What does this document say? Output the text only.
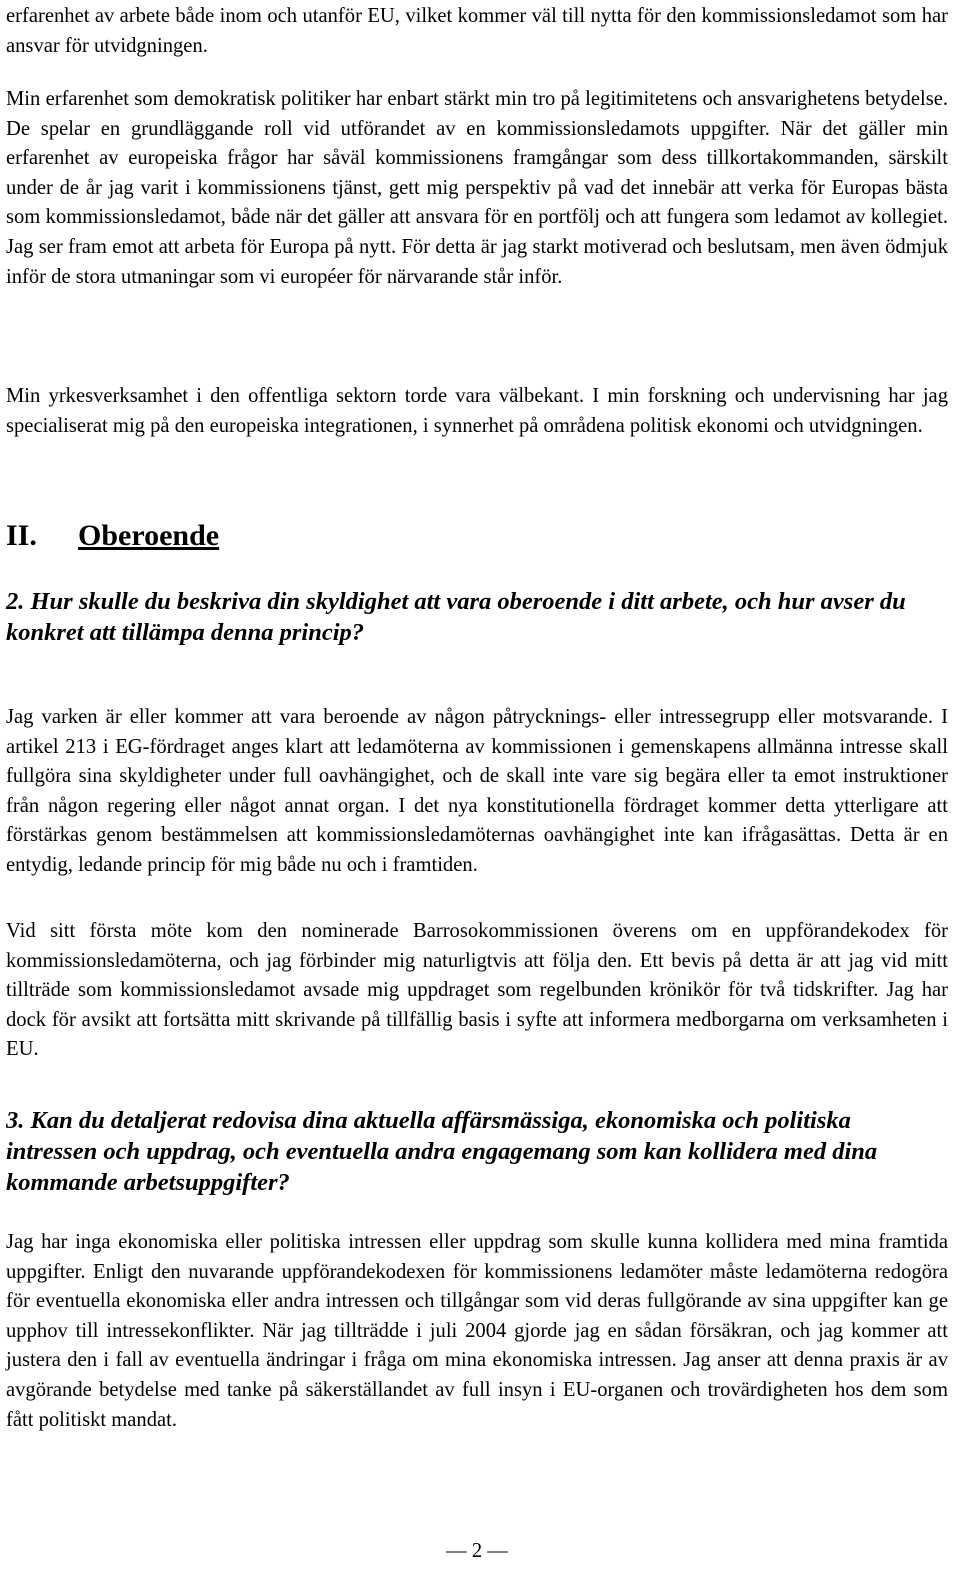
erfarenhet av arbete både inom och utanför EU, vilket kommer väl till nytta för den kommissionsledamot som har ansvar för utvidgningen.

Min erfarenhet som demokratisk politiker har enbart stärkt min tro på legitimitetens och ansvarighetens betydelse. De spelar en grundläggande roll vid utförandet av en kommissionsledamots uppgifter. När det gäller min erfarenhet av europeiska frågor har såväl kommissionens framgångar som dess tillkortakommanden, särskilt under de år jag varit i kommissionens tjänst, gett mig perspektiv på vad det innebär att verka för Europas bästa som kommissionsledamot, både när det gäller att ansvara för en portfölj och att fungera som ledamot av kollegiet. Jag ser fram emot att arbeta för Europa på nytt. För detta är jag starkt motiverad och beslutsam, men även ödmjuk inför de stora utmaningar som vi européer för närvarande står inför.

II. Oberoende
2. Hur skulle du beskriva din skyldighet att vara oberoende i ditt arbete, och hur avser du konkret att tillämpa denna princip?

Jag varken är eller kommer att vara beroende av någon påtrycknings- eller intressegrupp eller motsvarande. I artikel 213 i EG-fördraget anges klart att ledamöterna av kommissionen i gemenskapens allmänna intresse skall fullgöra sina skyldigheter under full oavhängighet, och de skall inte vare sig begära eller ta emot instruktioner från någon regering eller något annat organ. I det nya konstitutionella fördraget kommer detta ytterligare att förstärkas genom bestämmelsen att kommissionsledamöternas oavhängighet inte kan ifrågasättas. Detta är en entydig, ledande princip för mig både nu och i framtiden.

Vid sitt första möte kom den nominerade Barrosokommissionen överens om en uppförandekodex för kommissionsledamöterna, och jag förbinder mig naturligtvis att följa den. Ett bevis på detta är att jag vid mitt tillträde som kommissionsledamot avsade mig uppdraget som regelbunden krönikör för två tidskrifter. Jag har dock för avsikt att fortsätta mitt skrivande på tillfällig basis i syfte att informera medborgarna om verksamheten i EU.

3. Kan du detaljerat redovisa dina aktuella affärsmässiga, ekonomiska och politiska intressen och uppdrag, och eventuella andra engagemang som kan kollidera med dina kommande arbetsuppgifter?

Jag har inga ekonomiska eller politiska intressen eller uppdrag som skulle kunna kollidera med mina framtida uppgifter. Enligt den nuvarande uppförandekodexen för kommissionens ledamöter måste ledamöterna redogöra för eventuella ekonomiska eller andra intressen och tillgångar som vid deras fullgörande av sina uppgifter kan ge upphov till intressekonflikter. När jag tillträdde i juli 2004 gjorde jag en sådan försäkran, och jag kommer att justera den i fall av eventuella ändringar i fråga om mina ekonomiska intressen. Jag anser att denna praxis är av avgörande betydelse med tanke på säkerställandet av full insyn i EU-organen och trovärdigheten hos dem som fått politiskt mandat.

— 2 —

Min yrkesverksamhet i den offentliga sektorn torde vara välbekant. I min forskning och undervisning har jag specialiserat mig på den europeiska integrationen, i synnerhet på områdena politisk ekonomi och utvidgningen.
